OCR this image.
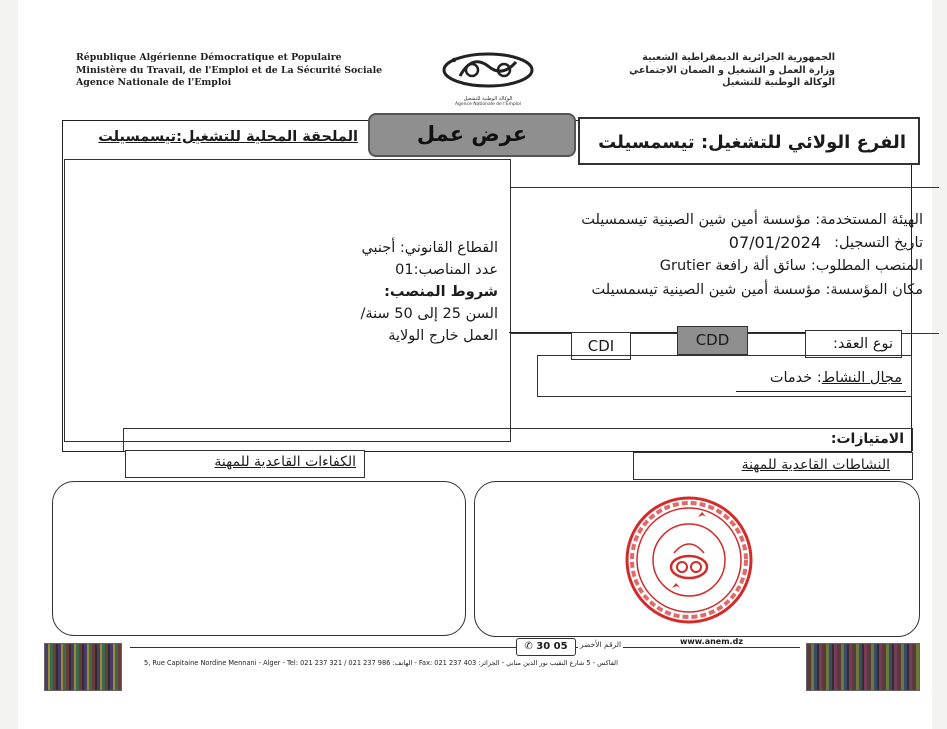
République Algérienne Démocratique et Populaire
Ministère du Travail, de l'Emploi et de La Sécurité Sociale
Agence Nationale de l'Emploi
الوكالة الوطنية للتشغيل
Agence Nationale de l'Emploi
الجمهورية الجزائرية الديمقراطية الشعبية
وزارة العمل و التشغيل و الضمان الاجتماعي
الوكالة الوطنية للتشغيل
الملحقة المحلية للتشغيل:تيسمسيلت	الفرع الولائي للتشغيل: تيسمسيلت
عرض عمل
القطاع القانوني: أجنبي
عدد المناصب:01
شروط المنصب:
السن 25 إلى 50 سنة/
العمل خارج الولاية
الهيئة المستخدمة: مؤسسة أمين شين الصينية تيسمسيلت
تاريخ التسجيل:
07/01/2024
المنصب المطلوب: سائق ألة رافعة Grutier
مكان المؤسسة: مؤسسة أمين شين الصينية تيسمسيلت
نوع العقد:
CDD
CDI
مجال النشاط: خدمات
الامتيازات:
الكفاءات القاعدية للمهنة	النشاطات القاعدية للمهنة
www.anem.dz
الرقم الأخضر
✆ 30 05
5, Rue Capitaine Nordine Mennani - Alger - Tel: 021 237 321 / 021 237 986 :الهاتف - Fax: 021 237 403 :الفاكس - 5 شارع النقيب نور الدين مناني - الجزائر
